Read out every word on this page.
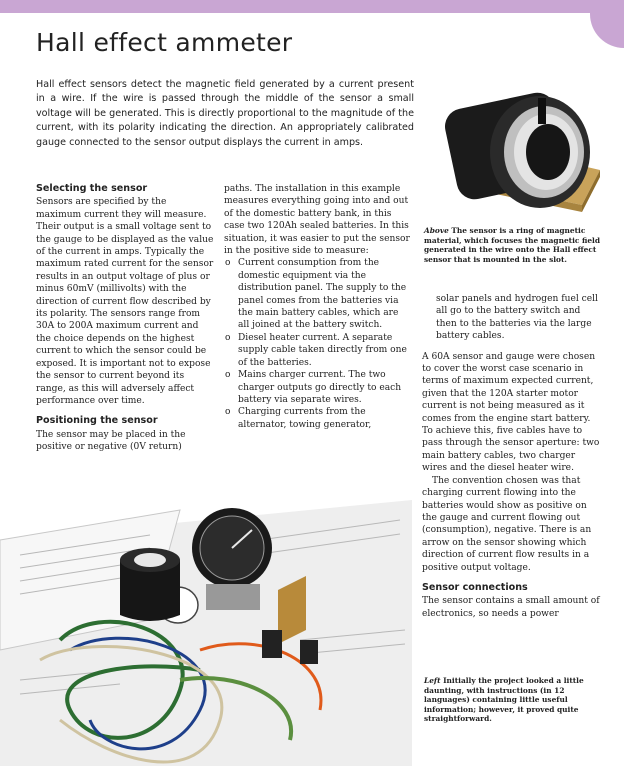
Hall effect ammeter
Hall effect sensors detect the magnetic field generated by a current present in a wire. If the wire is passed through the middle of the sensor a small voltage will be generated. This is directly proportional to the magnitude of the current, with its polarity indicating the direction. An appropriately calibrated gauge connected to the sensor output displays the current in amps.
Above The sensor is a ring of magnetic material, which focuses the magnetic field generated in the wire onto the Hall effect sensor that is mounted in the slot.
Selecting the sensor

Sensors are specified by the maximum current they will measure. Their output is a small voltage sent to the gauge to be displayed as the value of the current in amps. Typically the maximum rated current for the sensor results in an output voltage of plus or minus 60mV (millivolts) with the direction of current flow described by its polarity. The sensors range from 30A to 200A maximum current and the choice depends on the highest current to which the sensor could be exposed. It is important not to expose the sensor to current beyond its range, as this will adversely affect performance over time.

Positioning the sensor

The sensor may be placed in the positive or negative (0V return)

paths. The installation in this example measures everything going into and out of the domestic battery bank, in this case two 120Ah sealed batteries. In this situation, it was easier to put the sensor in the positive side to measure:

o Current consumption from the domestic equipment via the distribution panel. The supply to the panel comes from the batteries via the main battery cables, which are all joined at the battery switch.
o Diesel heater current. A separate supply cable taken directly from one of the batteries.
o Mains charger current. The two charger outputs go directly to each battery via separate wires.
o Charging currents from the alternator, towing generator,

solar panels and hydrogen fuel cell all go to the battery switch and then to the batteries via the large battery cables.

A 60A sensor and gauge were chosen to cover the worst case scenario in terms of maximum expected current, given that the 120A starter motor current is not being measured as it comes from the engine start battery. To achieve this, five cables have to pass through the sensor aperture: two main battery cables, two charger wires and the diesel heater wire.

The convention chosen was that charging current flowing into the batteries would show as positive on the gauge and current flowing out (consumption), negative. There is an arrow on the sensor showing which direction of current flow results in a positive output voltage.

Sensor connections

The sensor contains a small amount of electronics, so needs a power

Left Initially the project looked a little daunting, with instructions (in 12 languages) containing little useful information; however, it proved quite straightforward.
